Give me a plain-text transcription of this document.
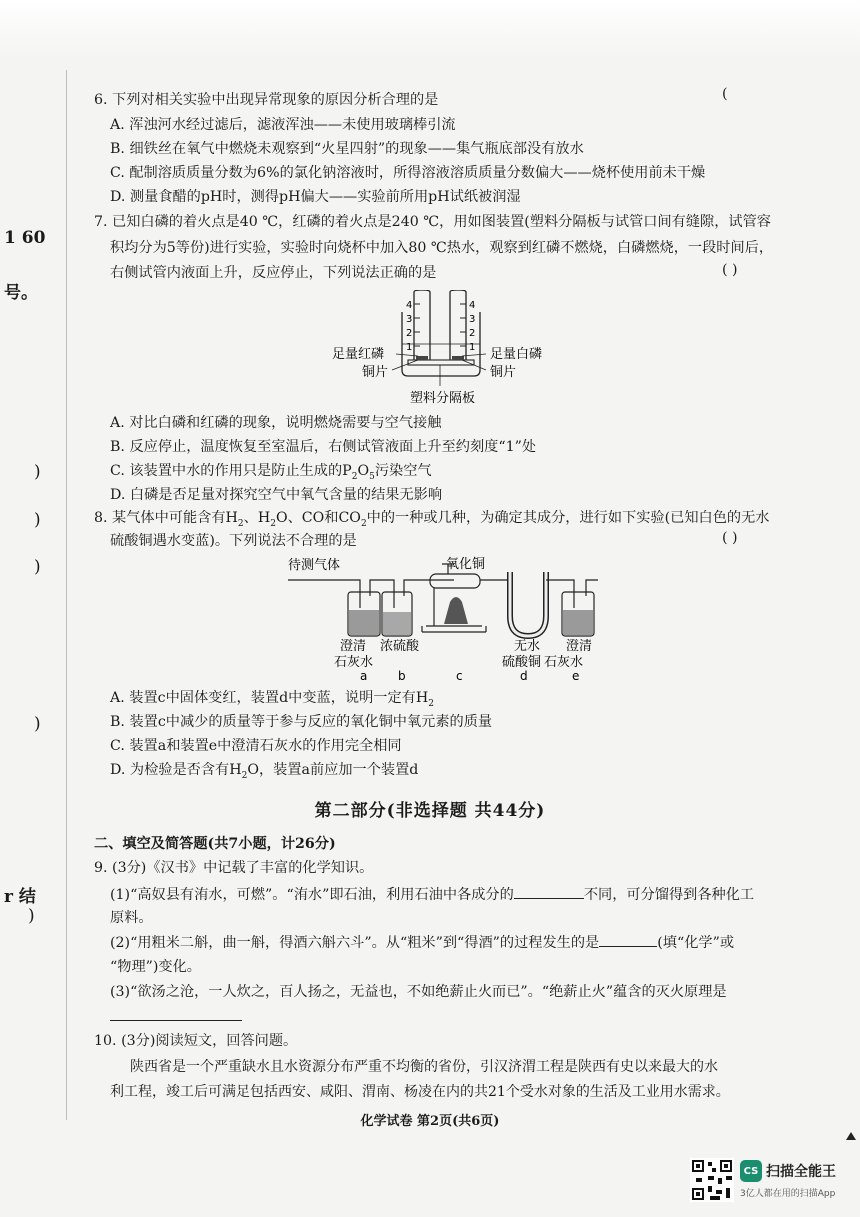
1 60
号。
)
)
)
)
r 结
)
6. 下列对相关实验中出现异常现象的原因分析合理的是	(
A. 浑浊河水经过滤后，滤液浑浊——未使用玻璃棒引流
B. 细铁丝在氧气中燃烧未观察到“火星四射”的现象——集气瓶底部没有放水
C. 配制溶质质量分数为6%的氯化钠溶液时，所得溶液溶质质量分数偏大——烧杯使用前未干燥
D. 测量食醋的pH时，测得pH偏大——实验前所用pH试纸被润湿
7. 已知白磷的着火点是40 ℃，红磷的着火点是240 ℃，用如图装置(塑料分隔板与试管口间有缝隙，试管容
积均分为5等份)进行实验，实验时向烧杯中加入80 ℃热水，观察到红磷不燃烧，白磷燃烧，一段时间后，
右侧试管内液面上升，反应停止，下列说法正确的是	( )
4
3
2
1
4
3
2
1
足量红磷
铜片
足量白磷
铜片
塑料分隔板
A. 对比白磷和红磷的现象，说明燃烧需要与空气接触
B. 反应停止，温度恢复至室温后，右侧试管液面上升至约刻度“1”处
C. 该装置中水的作用只是防止生成的$P_2O_5$污染空气
D. 白磷是否足量对探究空气中氧气含量的结果无影响
8. 某气体中可能含有$H_2$、$H_2O$、CO和$CO_2$中的一种或几种，为确定其成分，进行如下实验(已知白色的无水
硫酸铜遇水变蓝)。下列说法不合理的是	( )
待测气体	氧化铜
澄清
石灰水
浓硫酸	无水
硫酸铜
澄清
石灰水
a	b	c	d	e
A. 装置c中固体变红，装置d中变蓝，说明一定有$H_2$
B. 装置c中减少的质量等于参与反应的氧化铜中氧元素的质量
C. 装置a和装置e中澄清石灰水的作用完全相同
D. 为检验是否含有$H_2O$，装置a前应加一个装置d
第二部分(非选择题 共44分)
二、填空及简答题(共7小题，计26分)
9. (3分)《汉书》中记载了丰富的化学知识。
(1)“高奴县有洧水，可燃”。“洧水”即石油，利用石油中各成分的	不同，可分馏得到各种化工
原料。
(2)“用粗米二斛，曲一斛，得酒六斛六斗”。从“粗米”到“得酒”的过程发生的是	(填“化学”或
“物理”)变化。
(3)“欲汤之沧，一人炊之，百人扬之，无益也，不如绝薪止火而已”。“绝薪止火”蕴含的灭火原理是
10. (3分)阅读短文，回答问题。
陕西省是一个严重缺水且水资源分布严重不均衡的省份，引汉济渭工程是陕西有史以来最大的水
利工程，竣工后可满足包括西安、咸阳、渭南、杨凌在内的共21个受水对象的生活及工业用水需求。
化学试卷 第2页(共6页)
CS 扫描全能王
3亿人都在用的扫描App
